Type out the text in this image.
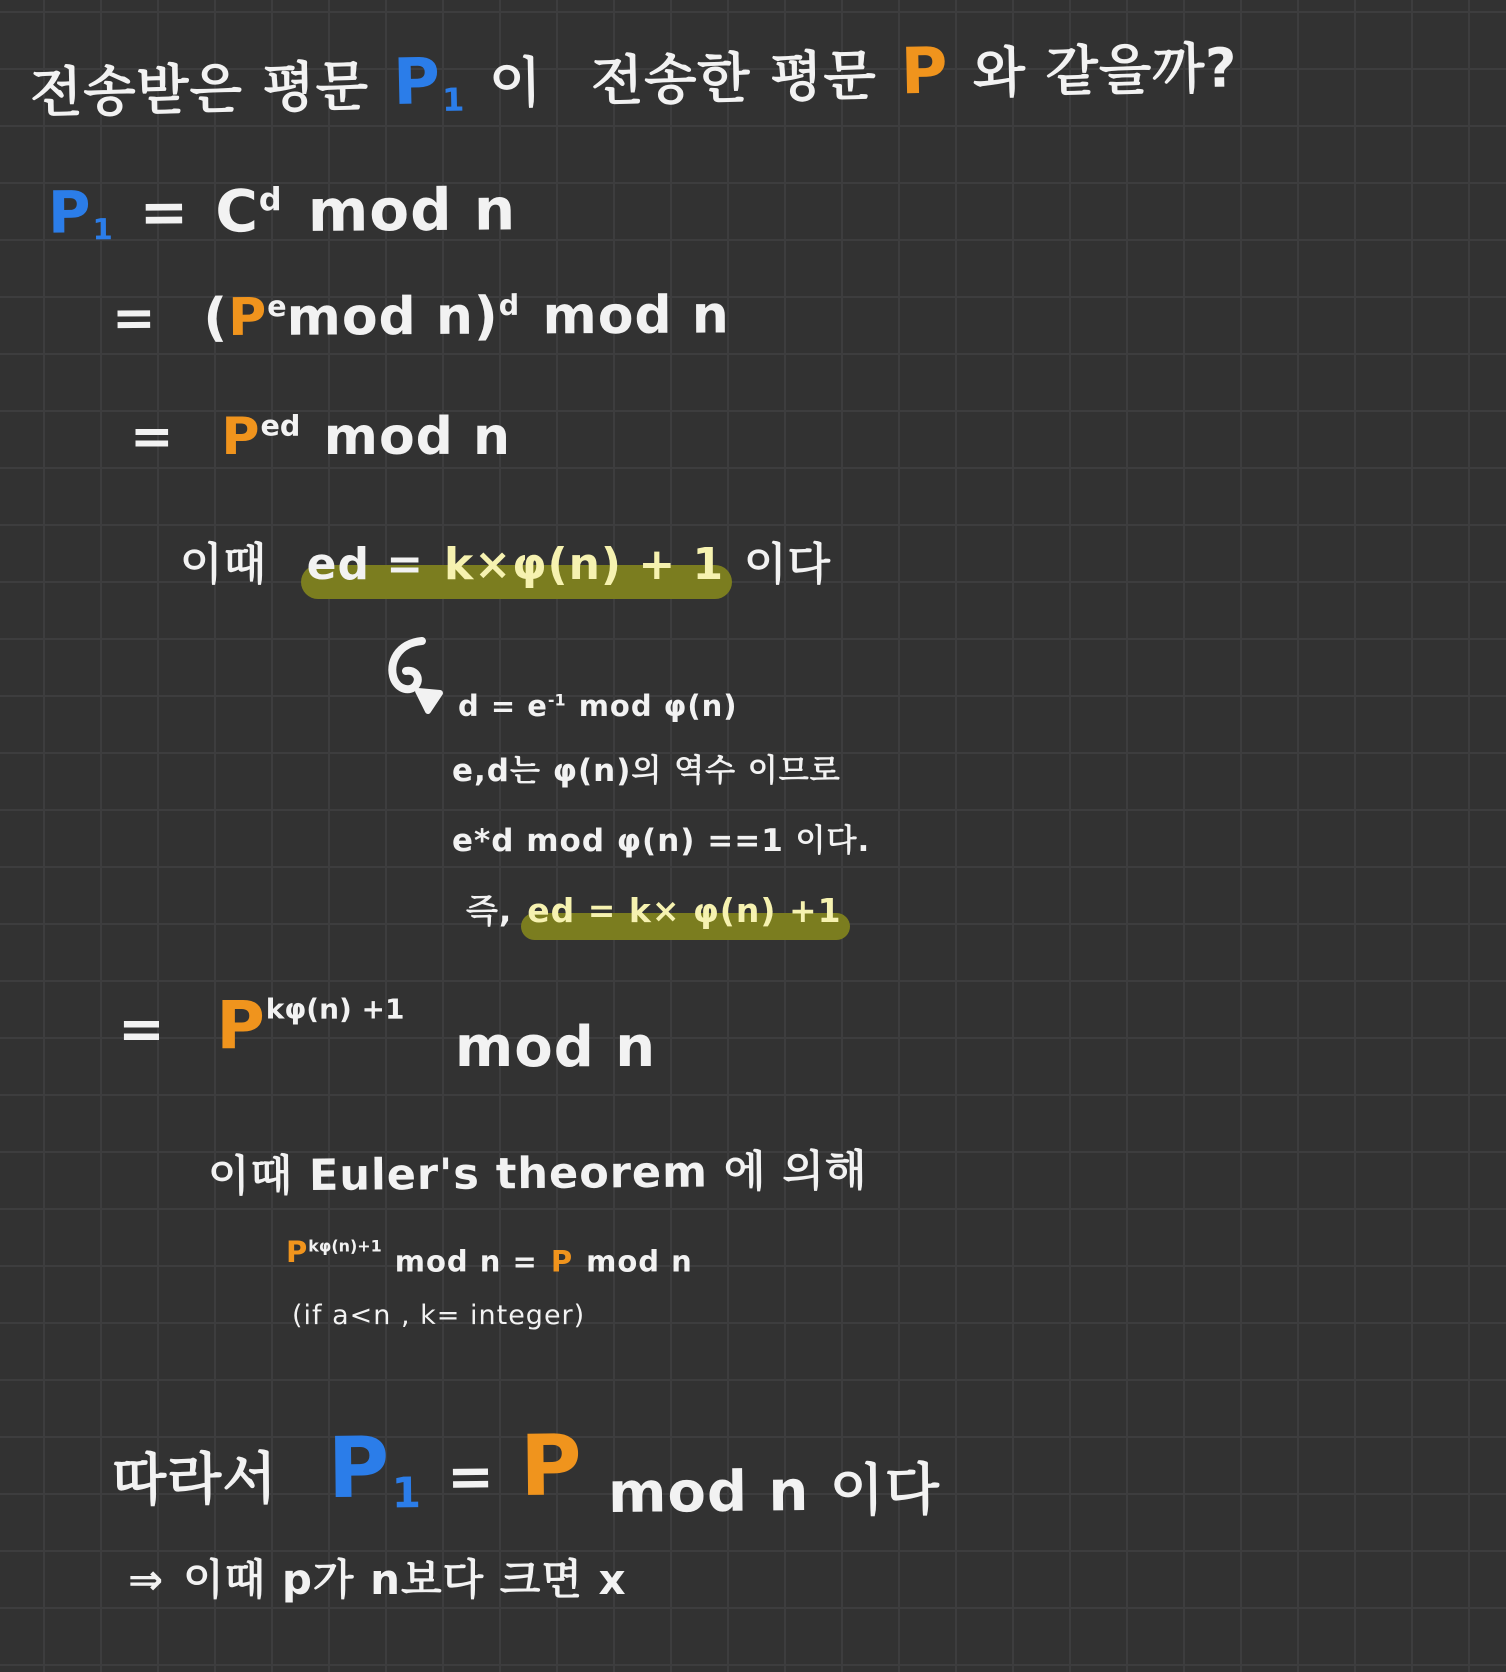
전송받은 평문 P1 이 전송한 평문 P 와 같을까?
$P1 = C^d$ mod n
= ($P^emod$ n)$^d$ mod n
= $P^{ed}$ mod n
이때 ed = k×φ(n) + 1 이다
$d = e^{-1}$ mod φ(n)
e,d는 φ(n)의 역수 이므로
e*d mod φ(n) ==1 이다.
즉, ed = k× φ(n) +1
= $P^{k\varphi(n) +1}mod$ n
이때 Euler's theorem 에 의해
$P^{k\varphi(n)+1}$ mod n = P mod n
(if a<n , k= integer)
따라서 P1 = P mod n 이다
⇒ 이때 p가 n보다 크면 x
